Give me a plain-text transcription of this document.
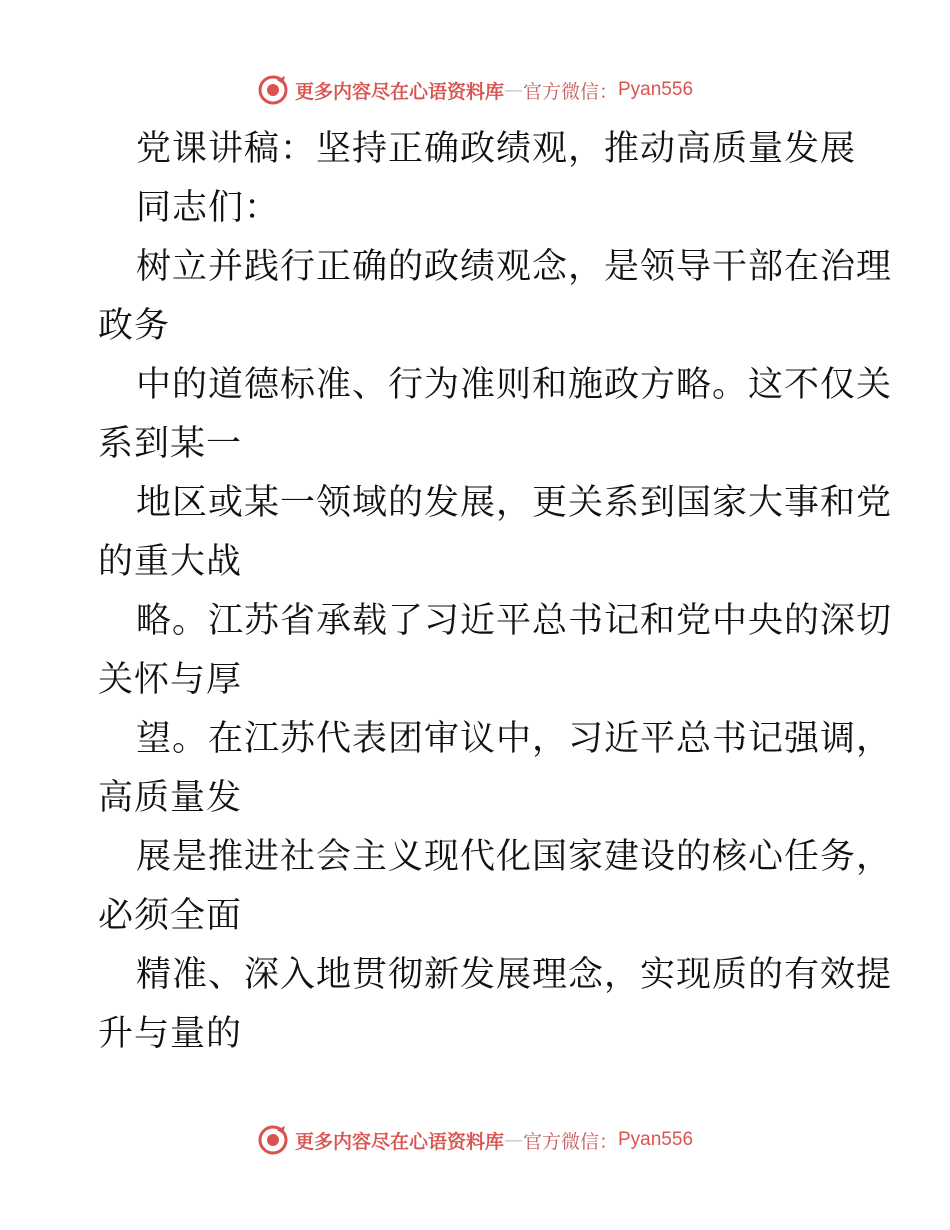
更多内容尽在心语资料库 — 官方微信： Pyan556
党课讲稿：坚持正确政绩观，推动高质量发展
同志们：
树立并践行正确的政绩观念，是领导干部在治理
政务
中的道德标准、行为准则和施政方略。这不仅关
系到某一
地区或某一领域的发展，更关系到国家大事和党
的重大战
略。江苏省承载了习近平总书记和党中央的深切
关怀与厚
望。在江苏代表团审议中，习近平总书记强调，
高质量发
展是推进社会主义现代化国家建设的核心任务，
必须全面
精准、深入地贯彻新发展理念，实现质的有效提
升与量的
更多内容尽在心语资料库 — 官方微信： Pyan556
